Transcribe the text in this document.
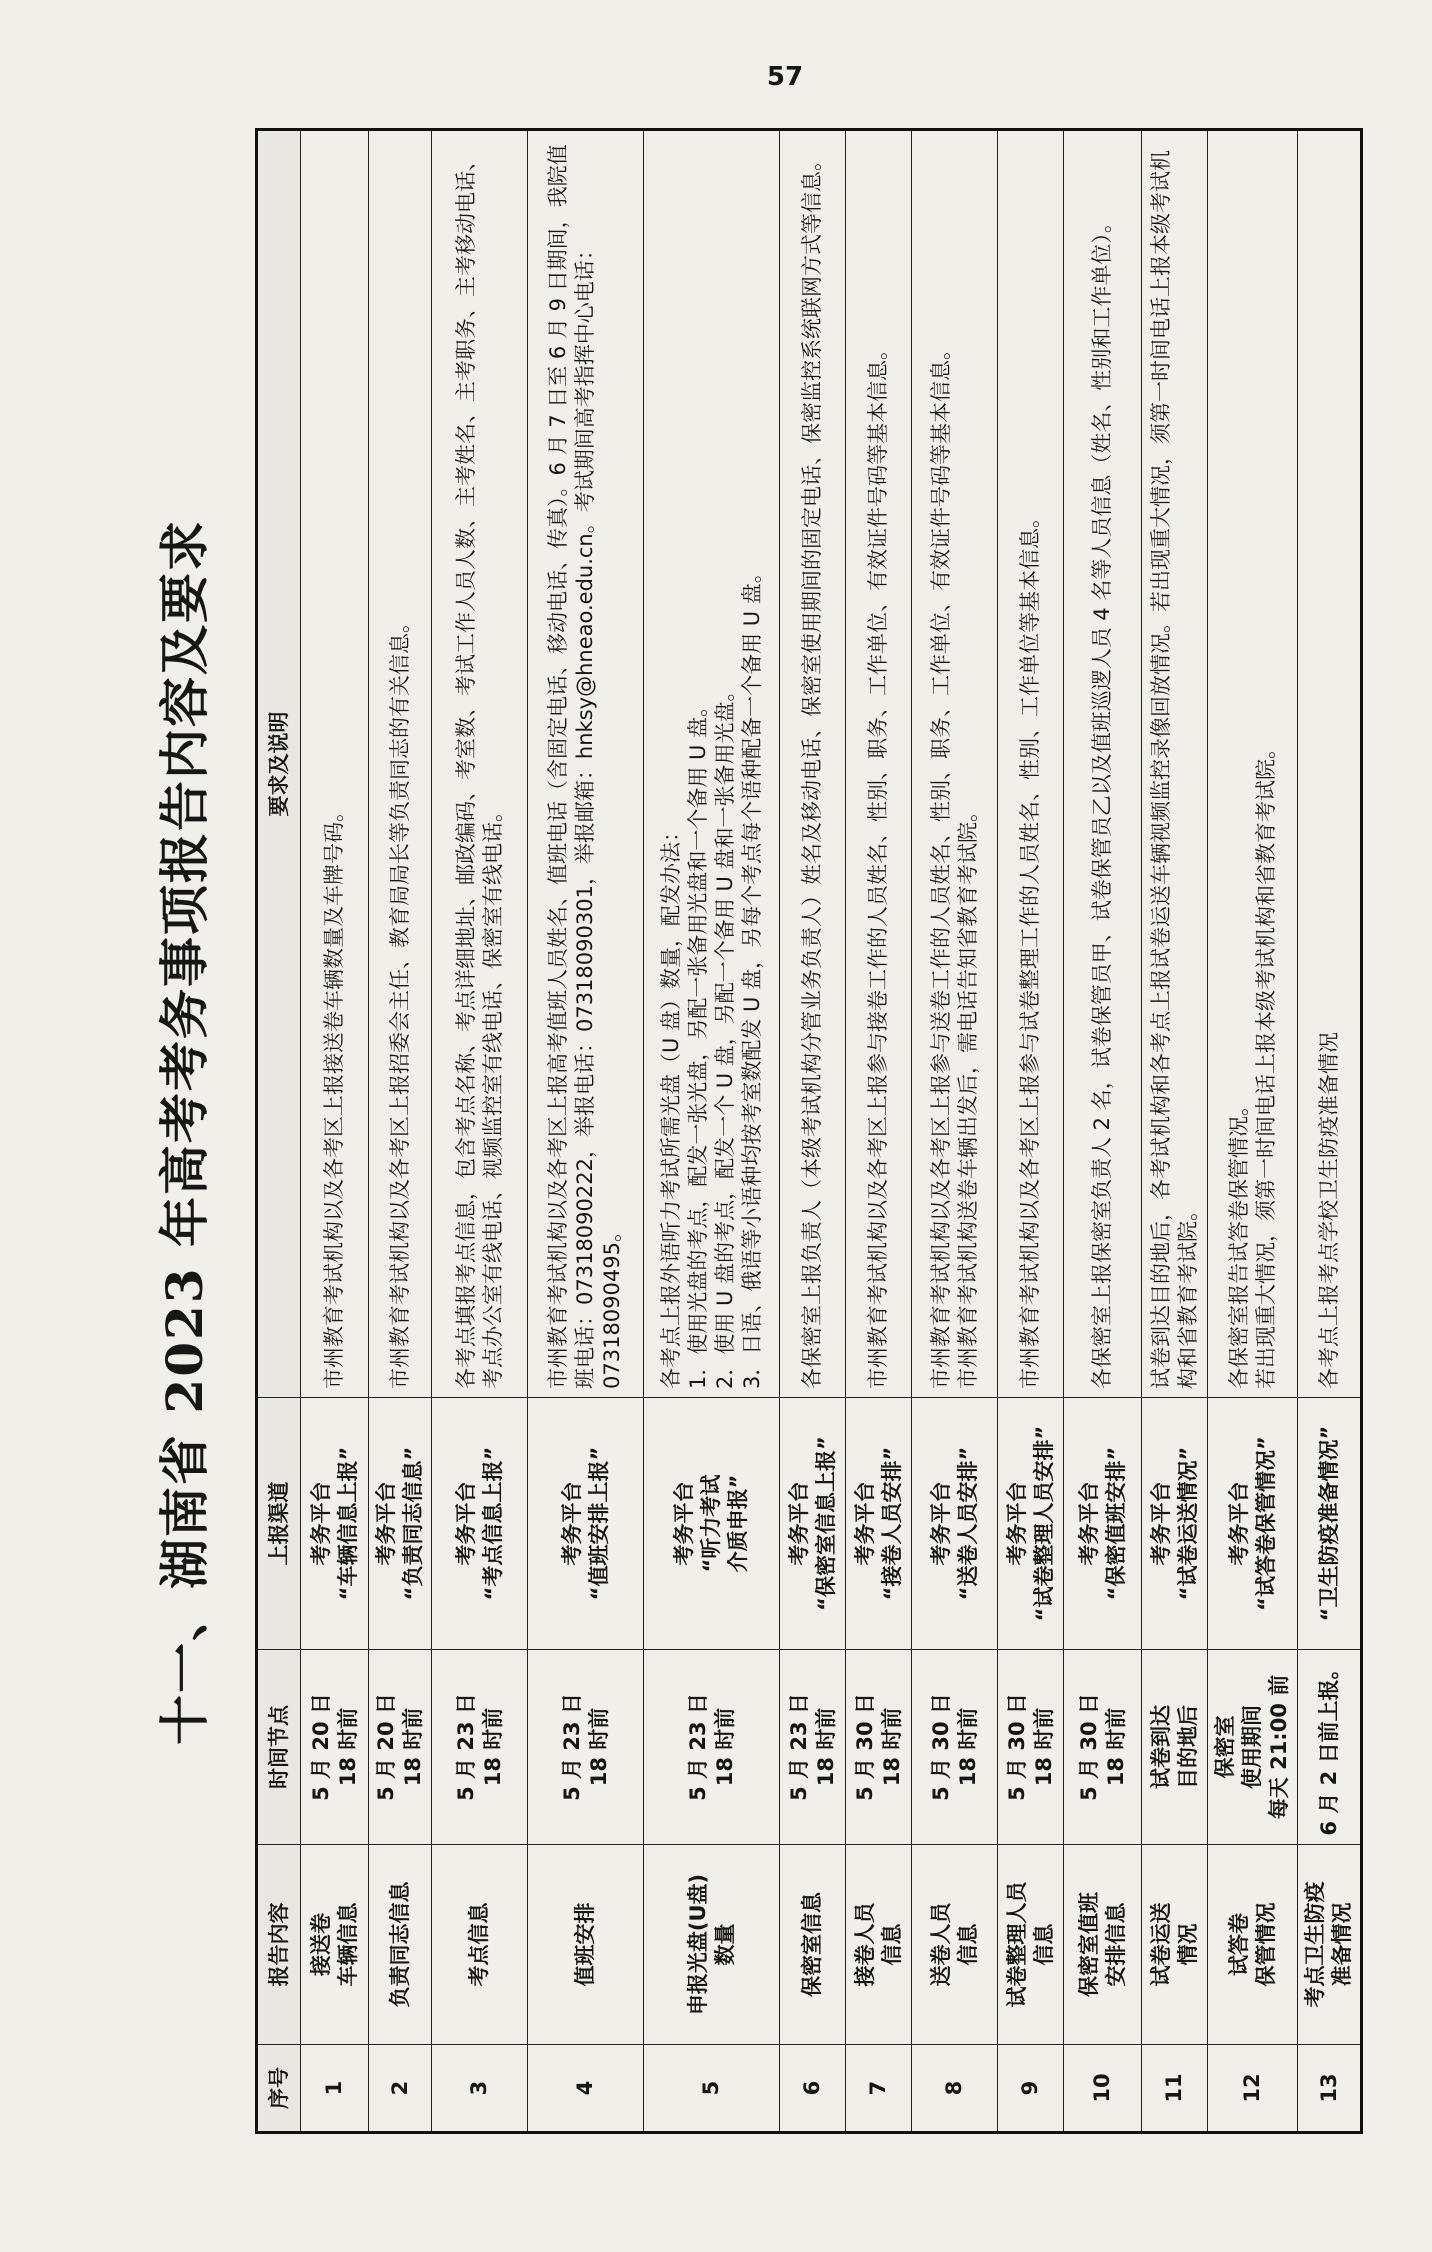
十一、湖南省 2023 年高考考务事项报告内容及要求
序号	报告内容	时间节点	上报渠道	要求及说明
1	接送卷 车辆信息	5 月 20 日 18 时前	考务平台 “车辆信息上报”	市州教育考试机构以及各考区上报接送卷车辆数量及车牌号码。

2	负责同志信息	5 月 20 日 18 时前	考务平台 “负责同志信息”	市州教育考试机构以及各考区上报招委会主任、教育局局长等负责同志的有关信息。

3	考点信息	5 月 23 日 18 时前	考务平台 “考点信息上报”	各考点填报考点信息，包含考点名称、考点详细地址、邮政编码、考室数、考试工作人员人数、主考姓名、主考职务、主考移动电话、考点办公室有线电话、视频监控室有线电话、保密室有线电话。

4	值班安排	5 月 23 日 18 时前	考务平台 “值班安排上报”	市州教育考试机构以及各考区上报高考值班人员姓名、值班电话（含固定电话、移动电话、传真）。6 月 7 日至 6 月 9 日期间，我院值班电话：07318090222，举报电话：07318090301，举报邮箱：hnksy@hneao.edu.cn。考试期间高考指挥中心电话：07318090495。

5	申报光盘(U盘) 数量	5 月 23 日 18 时前	考务平台 “听力考试 介质申报”	各考点上报外语听力考试所需光盘（U 盘）数量，配发办法： 1．使用光盘的考点，配发一张光盘，另配一张备用光盘和一个备用 U 盘。 2．使用 U 盘的考点，配发一个 U 盘，另配一个备用 U 盘和一张备用光盘。 3．日语、俄语等小语种均按考室数配发 U 盘，另每个考点每个语种配备一个备用 U 盘。

6	保密室信息	5 月 23 日 18 时前	考务平台 “保密室信息上报”	各保密室上报负责人（本级考试机构分管业务负责人）姓名及移动电话、保密室使用期间的固定电话、保密监控系统联网方式等信息。

7	接卷人员 信息	5 月 30 日 18 时前	考务平台 “接卷人员安排”	市州教育考试机构以及各考区上报参与接卷工作的人员姓名、性别、职务、工作单位、有效证件号码等基本信息。

8	送卷人员 信息	5 月 30 日 18 时前	考务平台 “送卷人员安排”	市州教育考试机构以及各考区上报参与送卷工作的人员姓名、性别、职务、工作单位、有效证件号码等基本信息。 市州教育考试机构送卷车辆出发后，需电话告知省教育考试院。

9	试卷整理人员 信息	5 月 30 日 18 时前	考务平台 “试卷整理人员安排”	市州教育考试机构以及各考区上报参与试卷整理工作的人员姓名、性别、工作单位等基本信息。

10	保密室值班 安排信息	5 月 30 日 18 时前	考务平台 “保密值班安排”	各保密室上报保密室负责人 2 名，试卷保管员甲、试卷保管员乙以及值班巡逻人员 4 名等人员信息（姓名、性别和工作单位）。

11	试卷运送 情况	试卷到达 目的地后	考务平台 “试卷运送情况”	试卷到达目的地后，各考试机构和各考点上报试卷运送车辆视频监控录像回放情况。若出现重大情况，须第一时间电话上报本级考试机构和省教育考试院。

12	试答卷 保管情况	保密室 使用期间 每天 21:00 前	考务平台 “试答卷保管情况”	各保密室报告试答卷保管情况。 若出现重大情况，须第一时间电话上报本级考试机构和省教育考试院。

13	考点卫生防疫 准备情况	6 月 2 日前上报。	“卫生防疫准备情况”	各考点上报考点学校卫生防疫准备情况
57
